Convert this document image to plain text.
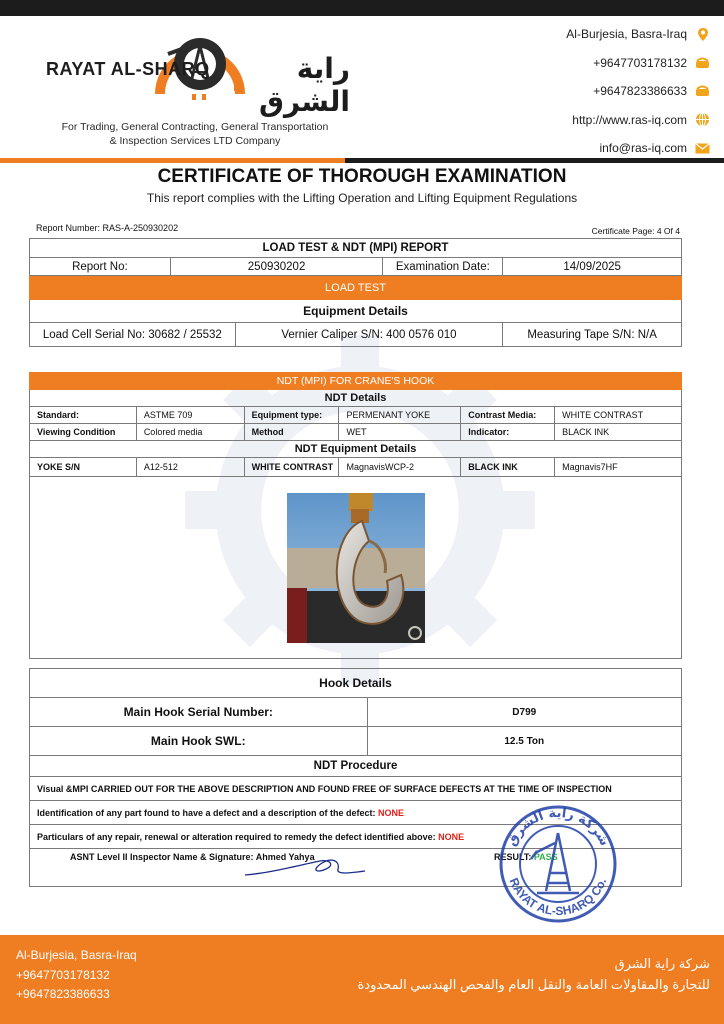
RAYAT AL-SHARQ	راية الشرق
For Trading, General Contracting, General Transportation
& Inspection Services LTD Company
Al-Burjesia, Basra-Iraq
+9647703178132
+9647823386633
http://www.ras-iq.com
info@ras-iq.com
CERTIFICATE OF THOROUGH EXAMINATION
This report complies with the Lifting Operation and Lifting Equipment Regulations
Report Number: RAS-A-250930202	Certificate Page: 4 Of 4
LOAD TEST & NDT (MPI) REPORT				
Report No:	250930202		Examination Date:	14/09/2025
LOAD TEST				
Equipment Details				
Load Cell Serial No: 30682 / 25532		Vernier Caliper S/N: 400 0576 010		Measuring Tape S/N: N/A
NDT (MPI) FOR CRANE'S HOOK					
NDT Details					
Standard:	ASTME 709	Equipment type:	PERMENANT YOKE	Contrast Media:	WHITE CONTRAST
Viewing Condition	Colored media	Method	WET	Indicator:	BLACK INK
NDT Equipment Details					
YOKE S/N	A12-512	WHITE CONTRAST	MagnavisWCP-2	BLACK INK	Magnavis7HF

Hook Details	
Main Hook Serial Number:	D799
Main Hook SWL:	12.5 Ton
NDT Procedure	
Visual &MPI CARRIED OUT FOR THE ABOVE DESCRIPTION AND FOUND FREE OF SURFACE DEFECTS AT THE TIME OF INSPECTION	
Identification of any part found to have a defect and a description of the defect: NONE	
Particulars of any repair, renewal or alteration required to remedy the defect identified above: NONE	

ASNT Level II Inspector Name & Signature: Ahmed Yahya RESULT: PASS	
شركة راية الشرق
RAYAT AL-SHARQ Co.
Al-Burjesia, Basra-Iraq
+9647703178132
+9647823386633
شركة راية الشرق
للتجارة والمقاولات العامة والنقل العام والفحص الهندسي المحدودة
